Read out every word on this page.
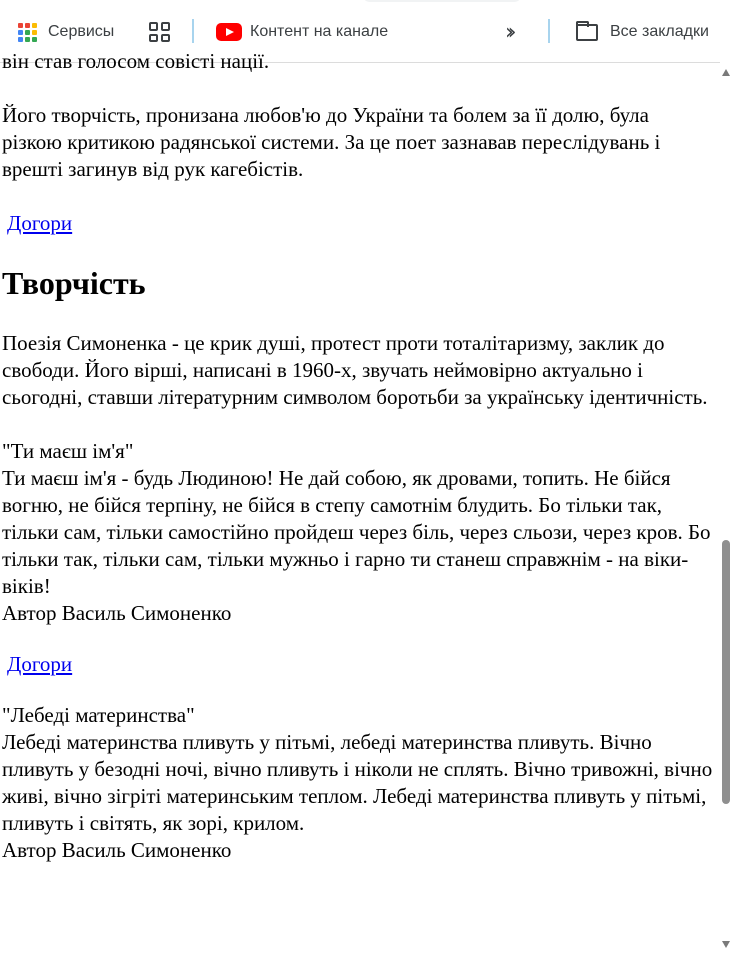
Сервисы	Контент на канале	››	Все закладки

він став голосом совісті нації.

Його творчість, пронизана любов'ю до України та болем за її долю, була різкою критикою радянської системи. За це поет зазнавав переслідувань і врешті загинув від рук кагебістів.

Догори
Творчість

Поезія Симоненка - це крик душі, протест проти тоталітаризму, заклик до свободи. Його вірші, написані в 1960-х, звучать неймовірно актуально і сьогодні, ставши літературним символом боротьби за українську ідентичність.

"Ти маєш ім'я"

Ти маєш ім'я - будь Людиною! Не дай собою, як дровами, топить. Не бійся вогню, не бійся терпіну, не бійся в степу самотнім блудить. Бо тільки так, тільки сам, тільки самостійно пройдеш через біль, через сльози, через кров. Бо тільки так, тільки сам, тільки мужньо і гарно ти станеш справжнім - на віки-віків!

Автор Василь Симоненко

Догори

"Лебеді материнства"

Лебеді материнства пливуть у пітьмі, лебеді материнства пливуть. Вічно пливуть у безодні ночі, вічно пливуть і ніколи не сплять. Вічно тривожні, вічно живі, вічно зігріті материнським теплом. Лебеді материнства пливуть у пітьмі, пливуть і світять, як зорі, крилом.

Автор Василь Симоненко
